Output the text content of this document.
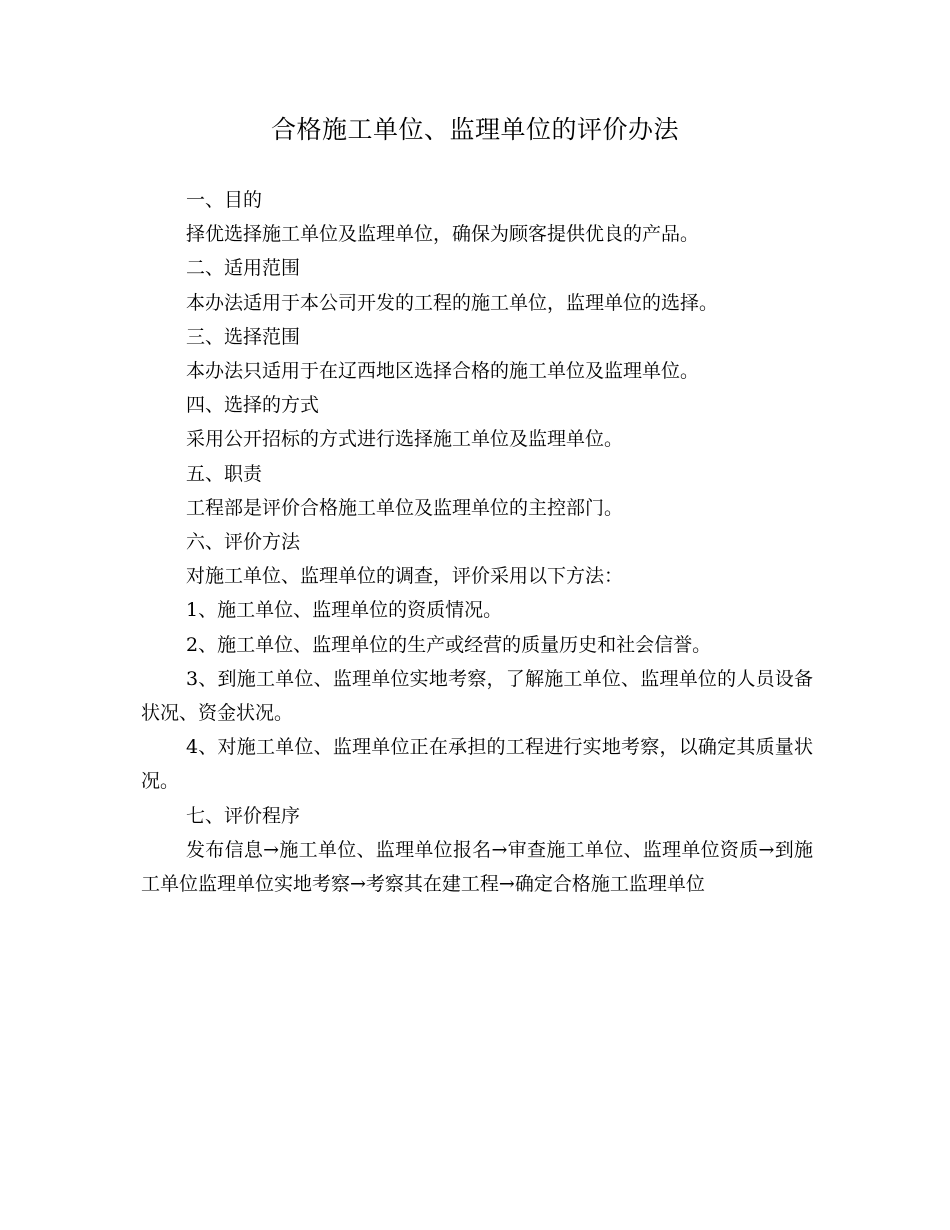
合格施工单位、监理单位的评价办法

一、目的

择优选择施工单位及监理单位，确保为顾客提供优良的产品。

二、适用范围

本办法适用于本公司开发的工程的施工单位，监理单位的选择。

三、选择范围

本办法只适用于在辽西地区选择合格的施工单位及监理单位。

四、选择的方式

采用公开招标的方式进行选择施工单位及监理单位。

五、职责

工程部是评价合格施工单位及监理单位的主控部门。

六、评价方法

对施工单位、监理单位的调查，评价采用以下方法：

1、施工单位、监理单位的资质情况。

2、施工单位、监理单位的生产或经营的质量历史和社会信誉。

3、到施工单位、监理单位实地考察，了解施工单位、监理单位的人员设备状况、资金状况。

4、对施工单位、监理单位正在承担的工程进行实地考察，以确定其质量状况。

七、评价程序

发布信息→施工单位、监理单位报名→审查施工单位、监理单位资质→到施工单位监理单位实地考察→考察其在建工程→确定合格施工监理单位
